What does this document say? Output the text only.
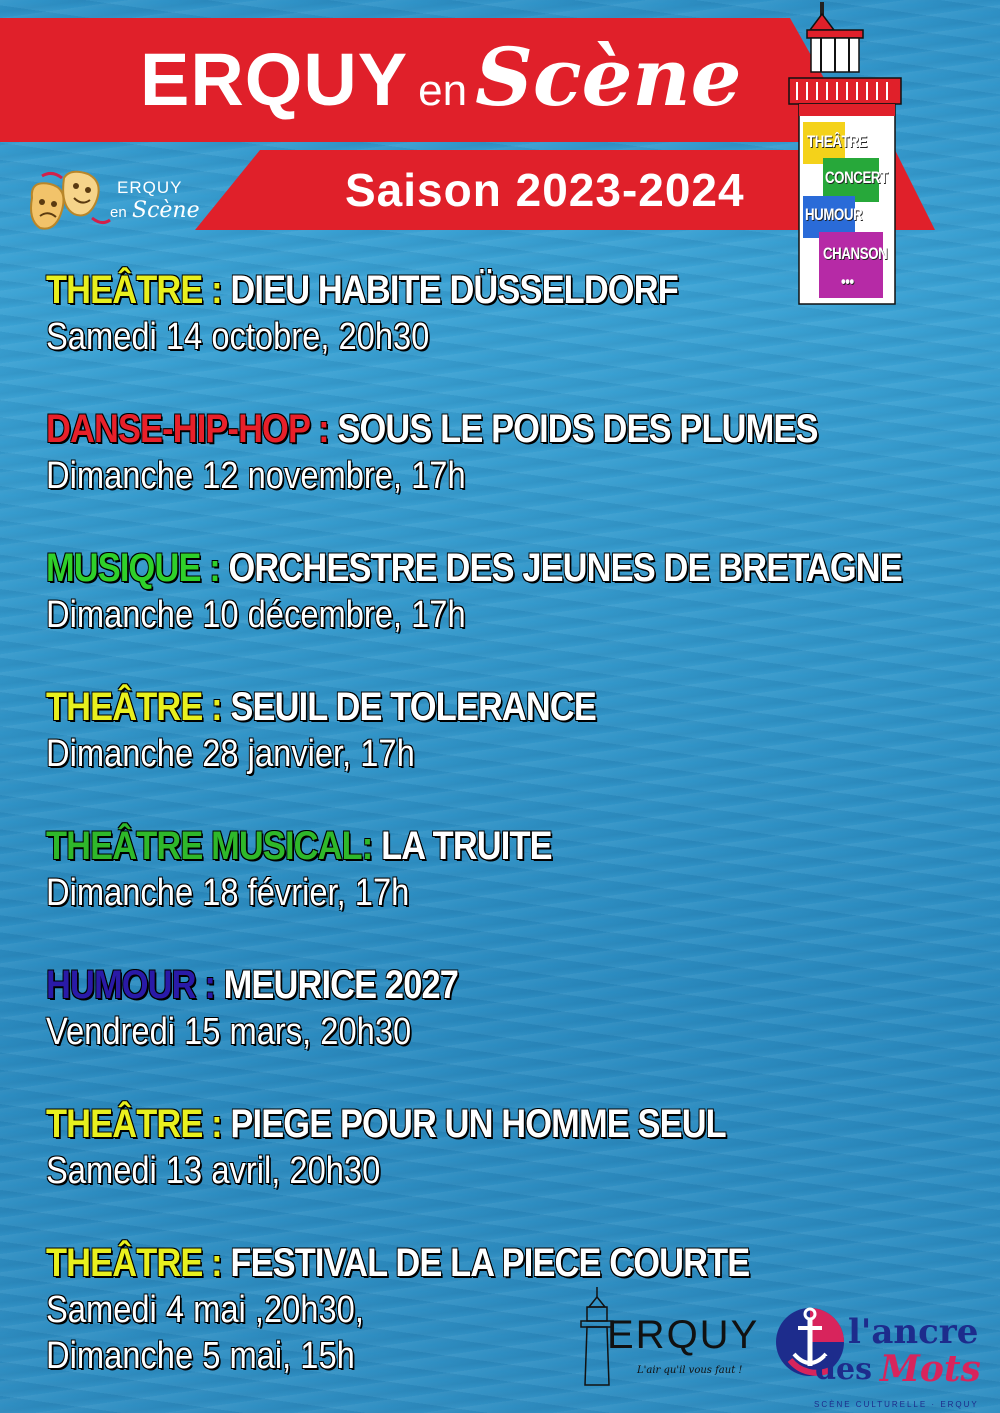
ERQUY en Scène
Saison 2023-2024
ERQUY
en Scène
THEÂTRE
CONCERT
HUMOUR
CHANSON
•••
THEÂTRE : DIEU HABITE DÜSSELDORF
Samedi 14 octobre, 20h30
DANSE-HIP-HOP : SOUS LE POIDS DES PLUMES
Dimanche 12 novembre, 17h
MUSIQUE : ORCHESTRE DES JEUNES DE BRETAGNE
Dimanche 10 décembre, 17h
THEÂTRE : SEUIL DE TOLERANCE
Dimanche 28 janvier, 17h
THEÂTRE MUSICAL: LA TRUITE
Dimanche 18 février, 17h
HUMOUR : MEURICE 2027
Vendredi 15 mars, 20h30
THEÂTRE : PIEGE POUR UN HOMME SEUL
Samedi 13 avril, 20h30
THEÂTRE : FESTIVAL DE LA PIECE COURTE
Samedi 4 mai ,20h30,
Dimanche 5 mai, 15h	ERQUY
L'air qu'il vous faut !
l'ancre
des Mots
SCÈNE CULTURELLE · ERQUY
